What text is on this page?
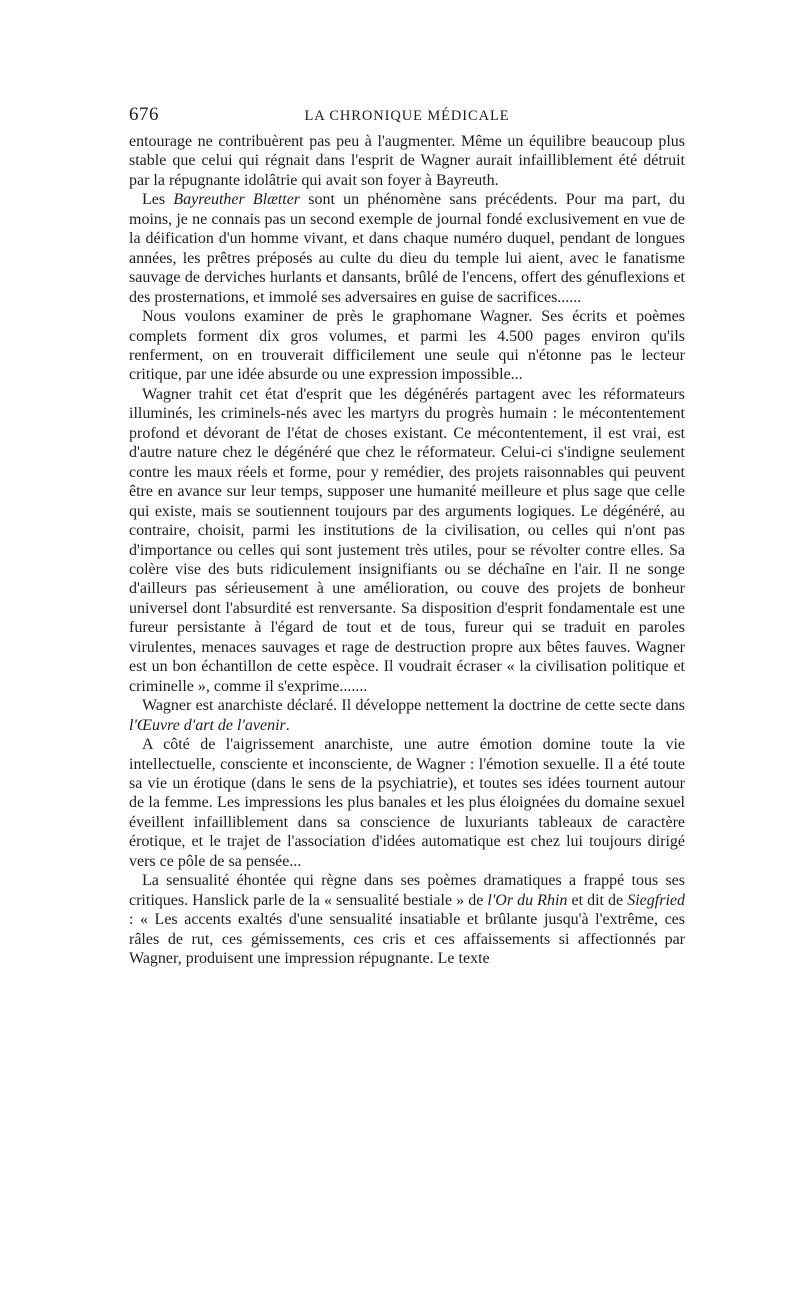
676	LA CHRONIQUE MÉDICALE

entourage ne contribuèrent pas peu à l'augmenter. Même un équilibre beaucoup plus stable que celui qui régnait dans l'esprit de Wagner aurait infailliblement été détruit par la répugnante idolâtrie qui avait son foyer à Bayreuth.

Les Bayreuther Blætter sont un phénomène sans précédents. Pour ma part, du moins, je ne connais pas un second exemple de journal fondé exclusivement en vue de la déification d'un homme vivant, et dans chaque numéro duquel, pendant de longues années, les prêtres préposés au culte du dieu du temple lui aient, avec le fanatisme sauvage de derviches hurlants et dansants, brûlé de l'encens, offert des génuflexions et des prosternations, et immolé ses adversaires en guise de sacrifices......

Nous voulons examiner de près le graphomane Wagner. Ses écrits et poèmes complets forment dix gros volumes, et parmi les 4.500 pages environ qu'ils renferment, on en trouverait difficilement une seule qui n'étonne pas le lecteur critique, par une idée absurde ou une expression impossible...

Wagner trahit cet état d'esprit que les dégénérés partagent avec les réformateurs illuminés, les criminels-nés avec les martyrs du progrès humain : le mécontentement profond et dévorant de l'état de choses existant. Ce mécontentement, il est vrai, est d'autre nature chez le dégénéré que chez le réformateur. Celui-ci s'indigne seulement contre les maux réels et forme, pour y remédier, des projets raisonnables qui peuvent être en avance sur leur temps, supposer une humanité meilleure et plus sage que celle qui existe, mais se soutiennent toujours par des arguments logiques. Le dégénéré, au contraire, choisit, parmi les institutions de la civilisation, ou celles qui n'ont pas d'importance ou celles qui sont justement très utiles, pour se révolter contre elles. Sa colère vise des buts ridiculement insignifiants ou se déchaîne en l'air. Il ne songe d'ailleurs pas sérieusement à une amélioration, ou couve des projets de bonheur universel dont l'absurdité est renversante. Sa disposition d'esprit fondamentale est une fureur persistante à l'égard de tout et de tous, fureur qui se traduit en paroles virulentes, menaces sauvages et rage de destruction propre aux bêtes fauves. Wagner est un bon échantillon de cette espèce. Il voudrait écraser « la civilisation politique et criminelle », comme il s'exprime.......

Wagner est anarchiste déclaré. Il développe nettement la doctrine de cette secte dans l'Œuvre d'art de l'avenir.

A côté de l'aigrissement anarchiste, une autre émotion domine toute la vie intellectuelle, consciente et inconsciente, de Wagner : l'émotion sexuelle. Il a été toute sa vie un érotique (dans le sens de la psychiatrie), et toutes ses idées tournent autour de la femme. Les impressions les plus banales et les plus éloignées du domaine sexuel éveillent infailliblement dans sa conscience de luxuriants tableaux de caractère érotique, et le trajet de l'association d'idées automatique est chez lui toujours dirigé vers ce pôle de sa pensée...

La sensualité éhontée qui règne dans ses poèmes dramatiques a frappé tous ses critiques. Hanslick parle de la « sensualité bestiale » de l'Or du Rhin et dit de Siegfried : « Les accents exaltés d'une sensualité insatiable et brûlante jusqu'à l'extrême, ces râles de rut, ces gémissements, ces cris et ces affaissements si affectionnés par Wagner, produisent une impression répugnante. Le texte
